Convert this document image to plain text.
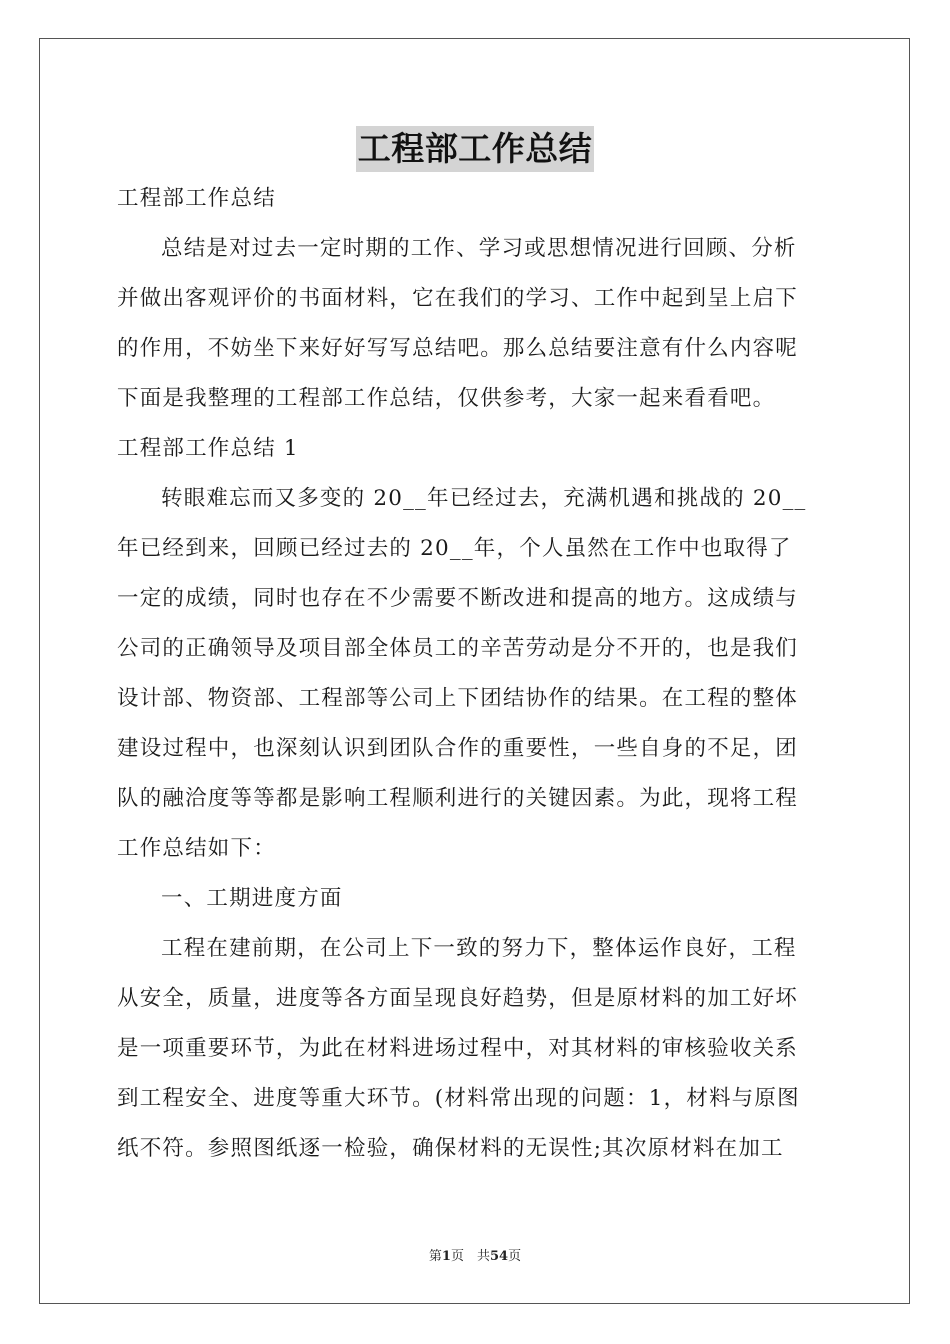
工程部工作总结
工程部工作总结
总结是对过去一定时期的工作、学习或思想情况进行回顾、分析
并做出客观评价的书面材料，它在我们的学习、工作中起到呈上启下
的作用，不妨坐下来好好写写总结吧。那么总结要注意有什么内容呢
下面是我整理的工程部工作总结，仅供参考，大家一起来看看吧。
工程部工作总结 1
转眼难忘而又多变的 20__年已经过去，充满机遇和挑战的 20__
年已经到来，回顾已经过去的 20__年，个人虽然在工作中也取得了
一定的成绩，同时也存在不少需要不断改进和提高的地方。这成绩与
公司的正确领导及项目部全体员工的辛苦劳动是分不开的，也是我们
设计部、物资部、工程部等公司上下团结协作的结果。在工程的整体
建设过程中，也深刻认识到团队合作的重要性，一些自身的不足，团
队的融洽度等等都是影响工程顺利进行的关键因素。为此，现将工程
工作总结如下：
一、工期进度方面
工程在建前期，在公司上下一致的努力下，整体运作良好，工程
从安全，质量，进度等各方面呈现良好趋势，但是原材料的加工好坏
是一项重要环节，为此在材料进场过程中，对其材料的审核验收关系
到工程安全、进度等重大环节。(材料常出现的问题：1，材料与原图
纸不符。参照图纸逐一检验，确保材料的无误性;其次原材料在加工
第1页　共54页
